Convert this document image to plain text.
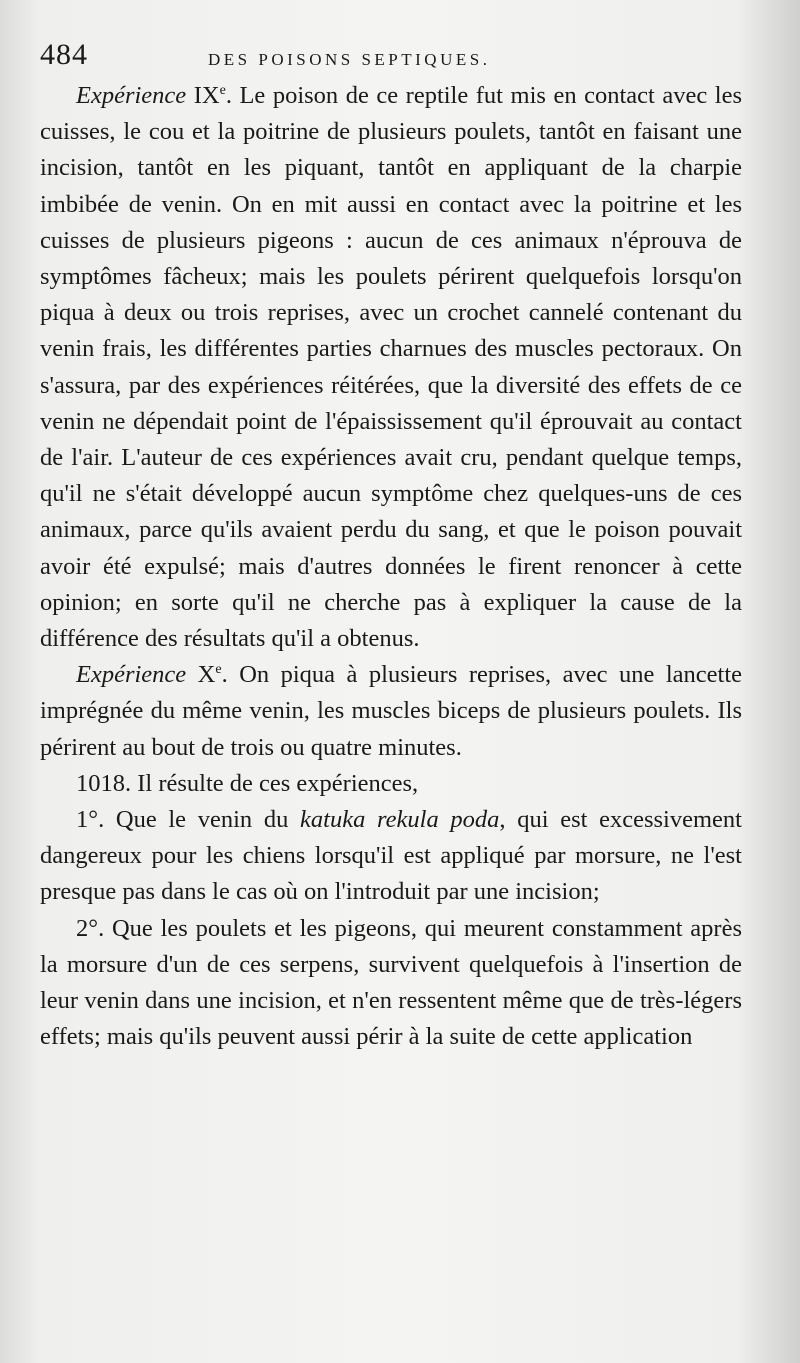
484	DES POISONS SEPTIQUES.

Expérience IXe. Le poison de ce reptile fut mis en contact avec les cuisses, le cou et la poitrine de plusieurs poulets, tantôt en faisant une incision, tantôt en les piquant, tantôt en appliquant de la charpie imbibée de venin. On en mit aussi en contact avec la poitrine et les cuisses de plusieurs pigeons : aucun de ces animaux n'éprouva de symptômes fâcheux; mais les poulets périrent quelquefois lorsqu'on piqua à deux ou trois reprises, avec un crochet cannelé contenant du venin frais, les différentes parties charnues des muscles pectoraux. On s'assura, par des expériences réitérées, que la diversité des effets de ce venin ne dépendait point de l'épaississement qu'il éprouvait au contact de l'air. L'auteur de ces expériences avait cru, pendant quelque temps, qu'il ne s'était développé aucun symptôme chez quelques-uns de ces animaux, parce qu'ils avaient perdu du sang, et que le poison pouvait avoir été expulsé; mais d'autres données le firent renoncer à cette opinion; en sorte qu'il ne cherche pas à expliquer la cause de la différence des résultats qu'il a obtenus.

Expérience Xe. On piqua à plusieurs reprises, avec une lancette imprégnée du même venin, les muscles biceps de plusieurs poulets. Ils périrent au bout de trois ou quatre minutes.

1018. Il résulte de ces expériences,

1°. Que le venin du katuka rekula poda, qui est excessivement dangereux pour les chiens lorsqu'il est appliqué par morsure, ne l'est presque pas dans le cas où on l'introduit par une incision;

2°. Que les poulets et les pigeons, qui meurent constamment après la morsure d'un de ces serpens, survivent quelquefois à l'insertion de leur venin dans une incision, et n'en ressentent même que de très-légers effets; mais qu'ils peuvent aussi périr à la suite de cette application
